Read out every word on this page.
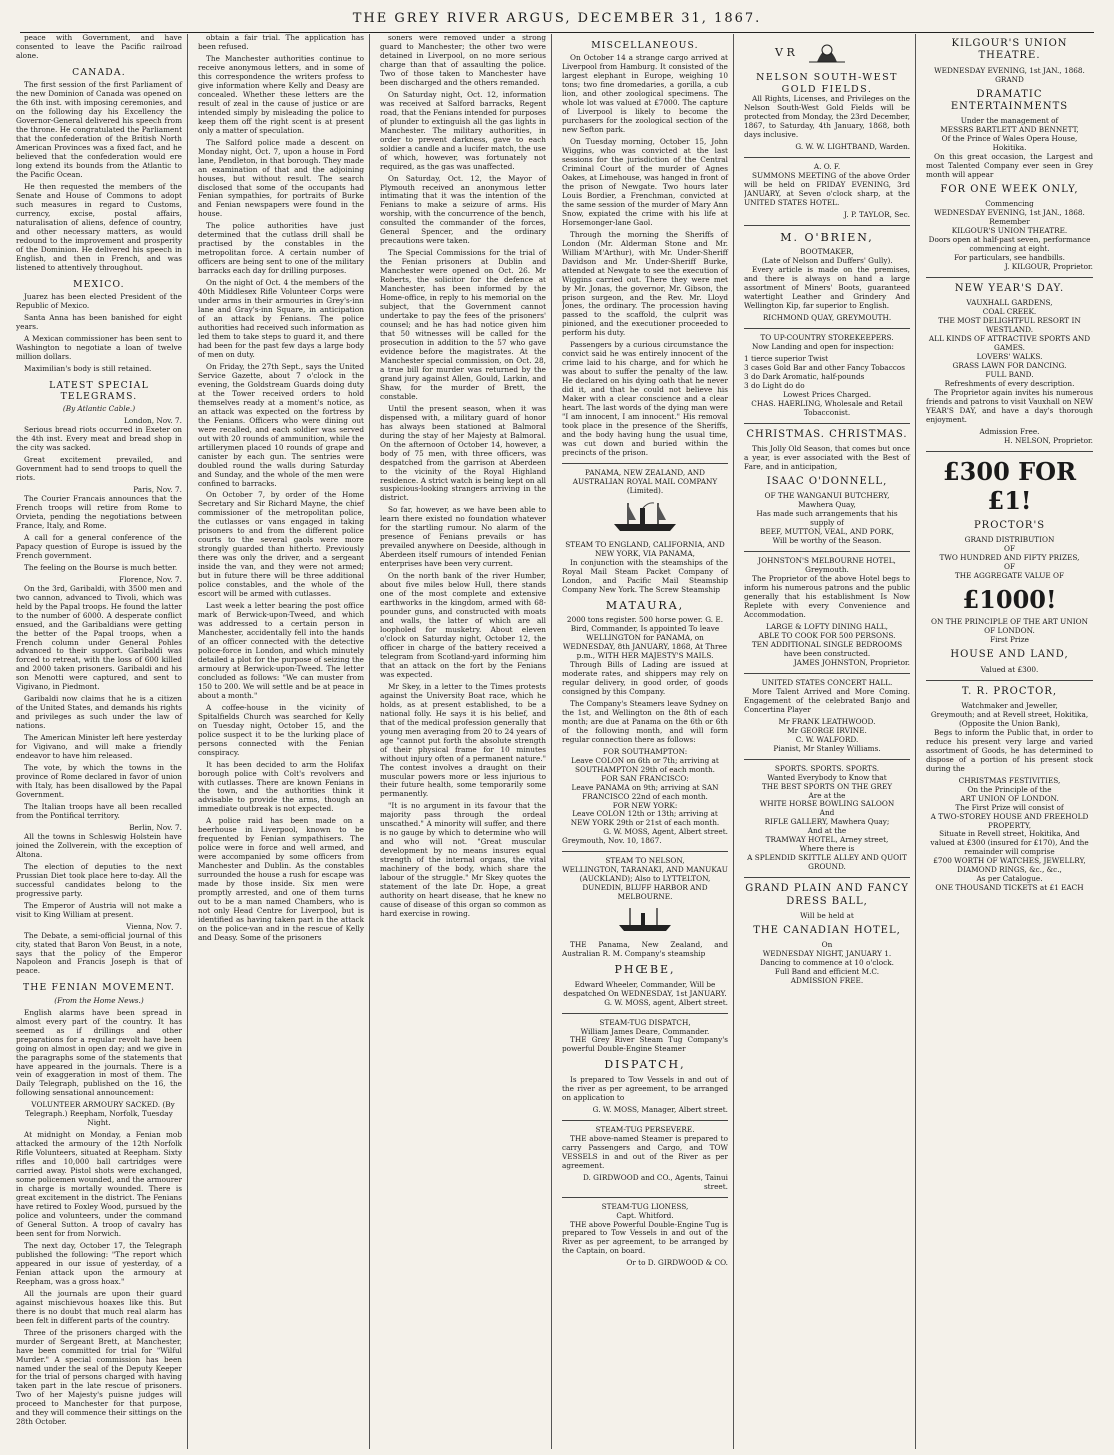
THE GREY RIVER ARGUS, DECEMBER 31, 1867.

peace with Government, and have consented to leave the Pacific railroad alone.

CANADA.

The first session of the first Parliament of the new Dominion of Canada was opened on the 6th inst. with imposing ceremonies, and on the following day his Excellency the Governor-General delivered his speech from the throne. He congratulated the Parliament that the confederation of the British North American Provinces was a fixed fact, and he believed that the confederation would ere long extend its bounds from the Atlantic to the Pacific Ocean.

He then requested the members of the Senate and House of Commons to adopt such measures in regard to Customs, currency, excise, postal affairs, naturalisation of aliens, defence of country, and other necessary matters, as would redound to the improvement and prosperity of the Dominion. He delivered his speech in English, and then in French, and was listened to attentively throughout.

MEXICO.

Juarez has been elected President of the Republic of Mexico.

Santa Anna has been banished for eight years.

A Mexican commissioner has been sent to Washington to negotiate a loan of twelve million dollars.

Maximilian's body is still retained.

LATEST SPECIAL TELEGRAMS.
(By Atlantic Cable.)
London, Nov. 7.

Serious bread riots occurred in Exeter on the 4th inst. Every meat and bread shop in the city was sacked.

Great excitement prevailed, and Government had to send troops to quell the riots.

Paris, Nov. 7.

The Courier Francais announces that the French troops will retire from Rome to Orvieta, pending the negotiations between France, Italy, and Rome.

A call for a general conference of the Papacy question of Europe is issued by the French government.

The feeling on the Bourse is much better.

Florence, Nov. 7.

On the 3rd, Garibaldi, with 3500 men and two cannon, advanced to Tivoli, which was held by the Papal troops. He found the latter to the number of 6000. A desperate conflict ensued, and the Garibaldians were getting the better of the Papal troops, when a French column under General Pohles advanced to their support. Garibaldi was forced to retreat, with the loss of 600 killed and 2000 taken prisoners. Garibaldi and his son Menotti were captured, and sent to Vigivano, in Piedmont.

Garibaldi now claims that he is a citizen of the United States, and demands his rights and privileges as such under the law of nations.

The American Minister left here yesterday for Vigivano, and will make a friendly endeavor to have him released.

The vote, by which the towns in the province of Rome declared in favor of union with Italy, has been disallowed by the Papal Government.

The Italian troops have all been recalled from the Pontifical territory.

Berlin, Nov. 7.

All the towns in Schleswig Holstein have joined the Zollverein, with the exception of Altona.

The election of deputies to the next Prussian Diet took place here to-day. All the successful candidates belong to the progressive party.

The Emperor of Austria will not make a visit to King William at present.

Vienna, Nov. 7.

The Debate, a semi-official journal of this city, stated that Baron Von Beust, in a note, says that the policy of the Emperor Napoleon and Francis Joseph is that of peace.

THE FENIAN MOVEMENT.
(From the Home News.)

English alarms have been spread in almost every part of the country. It has seemed as if drillings and other preparations for a regular revolt have been going on almost in open day; and we give in the paragraphs some of the statements that have appeared in the journals. There is a vein of exaggeration in most of them. The Daily Telegraph, published on the 16, the following sensational announcement:

VOLUNTEER ARMOURY SACKED. (By Telegraph.) Reepham, Norfolk, Tuesday Night.

At midnight on Monday, a Fenian mob attacked the armoury of the 12th Norfolk Rifle Volunteers, situated at Reepham. Sixty rifles and 10,000 ball cartridges were carried away. Pistol shots were exchanged, some policemen wounded, and the armourer in charge is mortally wounded. There is great excitement in the district. The Fenians have retired to Foxley Wood, pursued by the police and volunteers, under the command of General Sutton. A troop of cavalry has been sent for from Norwich.

The next day, October 17, the Telegraph published the following: "The report which appeared in our issue of yesterday, of a Fenian attack upon the armoury at Reepham, was a gross hoax."

All the journals are upon their guard against mischievous hoaxes like this. But there is no doubt that much real alarm has been felt in different parts of the country.

Three of the prisoners charged with the murder of Sergeant Brett, at Manchester, have been committed for trial for "Wilful Murder." A special commission has been named under the seal of the Deputy Keeper for the trial of persons charged with having taken part in the late rescue of prisoners. Two of her Majesty's puisne judges will proceed to Manchester for that purpose, and they will commence their sittings on the 28th October.

obtain a fair trial. The application has been refused.

The Manchester authorities continue to receive anonymous letters, and in some of this correspondence the writers profess to give information where Kelly and Deasy are concealed. Whether these letters are the result of zeal in the cause of justice or are intended simply by misleading the police to keep them off the right scent is at present only a matter of speculation.

The Salford police made a descent on Monday night, Oct. 7, upon a house in Ford lane, Pendleton, in that borough. They made an examination of that and the adjoining houses, but without result. The search disclosed that some of the occupants had Fenian sympathies, for portraits of Burke and Fenian newspapers were found in the house.

The police authorities have just determined that the cutlass drill shall be practised by the constables in the metropolitan force. A certain number of officers are being sent to one of the military barracks each day for drilling purposes.

On the night of Oct. 4 the members of the 40th Middlesex Rifle Volunteer Corps were under arms in their armouries in Grey's-inn lane and Gray's-inn Square, in anticipation of an attack by Fenians. The police authorities had received such information as led them to take steps to guard it, and there had been for the past few days a large body of men on duty.

On Friday, the 27th Sept., says the United Service Gazette, about 7 o'clock in the evening, the Goldstream Guards doing duty at the Tower received orders to hold themselves ready at a moment's notice, as an attack was expected on the fortress by the Fenians. Officers who were dining out were recalled, and each soldier was served out with 20 rounds of ammunition, while the artillerymen placed 10 rounds of grape and canister by each gun. The sentries were doubled round the walls during Saturday and Sunday, and the whole of the men were confined to barracks.

On October 7, by order of the Home Secretary and Sir Richard Mayne, the chief commissioner of the metropolitan police, the cutlasses or vans engaged in taking prisoners to and from the different police courts to the several gaols were more strongly guarded than hitherto. Previously there was only the driver, and a sergeant inside the van, and they were not armed; but in future there will be three additional police constables, and the whole of the escort will be armed with cutlasses.

Last week a letter bearing the post office mark of Berwick-upon-Tweed, and which was addressed to a certain person in Manchester, accidentally fell into the hands of an officer connected with the detective police-force in London, and which minutely detailed a plot for the purpose of seizing the armoury at Berwick-upon-Tweed. The letter concluded as follows: "We can muster from 150 to 200. We will settle and be at peace in about a month."

A coffee-house in the vicinity of Spitalfields Church was searched for Kelly on Tuesday night, October 15, and the police suspect it to be the lurking place of persons connected with the Fenian conspiracy.

It has been decided to arm the Holifax borough police with Colt's revolvers and with cutlasses. There are known Fenians in the town, and the authorities think it advisable to provide the arms, though an immediate outbreak is not expected.

A police raid has been made on a beerhouse in Liverpool, known to be frequented by Fenian sympathisers. The police were in force and well armed, and were accompanied by some officers from Manchester and Dublin. As the constables surrounded the house a rush for escape was made by those inside. Six men were promptly arrested, and one of them turns out to be a man named Chambers, who is not only Head Centre for Liverpool, but is identified as having taken part in the attack on the police-van and in the rescue of Kelly and Deasy. Some of the prisoners

soners were removed under a strong guard to Manchester; the other two were detained in Liverpool, on no more serious charge than that of assaulting the police. Two of those taken to Manchester have been discharged and the others remanded.

On Saturday night, Oct. 12, information was received at Salford barracks, Regent road, that the Fenians intended for purposes of plunder to extinguish all the gas lights in Manchester. The military authorities, in order to prevent darkness, gave to each soldier a candle and a lucifer match, the use of which, however, was fortunately not required, as the gas was unaffected.

On Saturday, Oct. 12, the Mayor of Plymouth received an anonymous letter intimating that it was the intention of the Fenians to make a seizure of arms. His worship, with the concurrence of the bench, consulted the commander of the forces, General Spencer, and the ordinary precautions were taken.

The Special Commissions for the trial of the Fenian prisoners at Dublin and Manchester were opened on Oct. 26. Mr Roberts, the solicitor for the defence at Manchester, has been informed by the Home-office, in reply to his memorial on the subject, that the Government cannot undertake to pay the fees of the prisoners' counsel; and he has had notice given him that 50 witnesses will be called for the prosecution in addition to the 57 who gave evidence before the magistrates. At the Manchester special commission, on Oct. 28, a true bill for murder was returned by the grand jury against Allen, Gould, Larkin, and Shaw, for the murder of Brett, the constable.

Until the present season, when it was dispensed with, a military guard of honor has always been stationed at Balmoral during the stay of her Majesty at Balmoral. On the afternoon of October 14, however, a body of 75 men, with three officers, was despatched from the garrison at Aberdeen to the vicinity of the Royal Highland residence. A strict watch is being kept on all suspicious-looking strangers arriving in the district.

So far, however, as we have been able to learn there existed no foundation whatever for the startling rumour. No alarm of the presence of Fenians prevails or has prevailed anywhere on Deeside, although in Aberdeen itself rumours of intended Fenian enterprises have been very current.

On the north bank of the river Humber, about five miles below Hull, there stands one of the most complete and extensive earthworks in the kingdom, armed with 68-pounder guns, and constructed with moats and walls, the latter of which are all loopholed for musketry. About eleven o'clock on Saturday night, October 12, the officer in charge of the battery received a telegram from Scotland-yard informing him that an attack on the fort by the Fenians was expected.

Mr Skey, in a letter to the Times protests against the University Boat race, which he holds, as at present established, to be a national folly. He says it is his belief, and that of the medical profession generally that young men averaging from 20 to 24 years of age "cannot put forth the absolute strength of their physical frame for 10 minutes without injury often of a permanent nature." The contest involves a draught on their muscular powers more or less injurious to their future health, some temporarily some permanently.

"It is no argument in its favour that the majority pass through the ordeal unscathed." A minority will suffer, and there is no gauge by which to determine who will and who will not. "Great muscular development by no means insures equal strength of the internal organs, the vital machinery of the body, which share the labour of the struggle." Mr Skey quotes the statement of the late Dr. Hope, a great authority on heart disease, that he knew no cause of disease of this organ so common as hard exercise in rowing.

MISCELLANEOUS.

On October 14 a strange cargo arrived at Liverpool from Hamburg. It consisted of the largest elephant in Europe, weighing 10 tons; two fine dromedaries, a gorilla, a cub lion, and other zoological specimens. The whole lot was valued at £7000. The capture of Liverpool is likely to become the purchasers for the zoological section of the new Sefton park.

On Tuesday morning, October 15, John Wiggins, who was convicted at the last sessions for the jurisdiction of the Central Criminal Court of the murder of Agnes Oakes, at Limehouse, was hanged in front of the prison of Newgate. Two hours later Louis Bordier, a Frenchman, convicted at the same session of the murder of Mary Ann Snow, expiated the crime with his life at Horsemonger-lane Gaol.

Through the morning the Sheriffs of London (Mr. Alderman Stone and Mr. William M'Arthur), with Mr. Under-Sheriff Davidson and Mr. Under-Sheriff Burke, attended at Newgate to see the execution of Wiggins carried out. There they were met by Mr. Jonas, the governor, Mr. Gibson, the prison surgeon, and the Rev. Mr. Lloyd Jones, the ordinary. The procession having passed to the scaffold, the culprit was pinioned, and the executioner proceeded to perform his duty.

Passengers by a curious circumstance the convict said he was entirely innocent of the crime laid to his charge, and for which he was about to suffer the penalty of the law. He declared on his dying oath that he never did it, and that he could not believe his Maker with a clear conscience and a clear heart. The last words of the dying man were "I am innocent, I am innocent." His removal took place in the presence of the Sheriffs, and the body having hung the usual time, was cut down and buried within the precincts of the prison.

PANAMA, NEW ZEALAND, AND AUSTRALIAN ROYAL MAIL COMPANY
(Limited).
STEAM TO ENGLAND, CALIFORNIA, AND NEW YORK, VIA PANAMA,

In conjunction with the steamships of the Royal Mail Steam Packet Company of London, and Pacific Mail Steamship Company New York. The Screw Steamship

MATAURA,
2000 tons register. 500 horse power. G. E. Bird, Commander, Is appointed To leave WELLINGTON for PANAMA, on WEDNESDAY, 8th JANUARY, 1868, At Three p.m., WITH HER MAJESTY'S MAILS.

Through Bills of Lading are issued at moderate rates, and shippers may rely on regular delivery, in good order, of goods consigned by this Company.

The Company's Steamers leave Sydney on the 1st, and Wellington on the 8th of each month; are due at Panama on the 6th or 6th of the following month, and will form regular connection there as follows:

FOR SOUTHAMPTON:
Leave COLON on 6th or 7th; arriving at SOUTHAMPTON 29th of each month.
FOR SAN FRANCISCO:
Leave PANAMA on 9th; arriving at SAN FRANCISCO 22nd of each month.
FOR NEW YORK:
Leave COLON 12th or 13th; arriving at NEW YORK 29th or 21st of each month.
G. W. MOSS, Agent, Albert street.
Greymouth, Nov. 10, 1867.
STEAM TO NELSON,
WELLINGTON, TARANAKI, AND MANUKAU (AUCKLAND); Also to LYTTELTON, DUNEDIN, BLUFF HARBOR AND MELBOURNE.

THE Panama, New Zealand, and Australian R. M. Company's steamship

PHŒBE,
Edward Wheeler, Commander, Will be despatched On WEDNESDAY, 1st JANUARY.
G. W. MOSS, agent, Albert street.
STEAM-TUG DISPATCH,
William James Deare, Commander.

THE Grey River Steam Tug Company's powerful Double-Engine Steamer

DISPATCH,

Is prepared to Tow Vessels in and out of the river as per agreement, to be arranged on application to

G. W. MOSS, Manager, Albert street.
STEAM-TUG PERSEVERE.

THE above-named Steamer is prepared to carry Passengers and Cargo, and TOW VESSELS in and out of the River as per agreement.

D. GIRDWOOD and CO., Agents, Tainui street.
STEAM-TUG LIONESS,
Capt. Whitford.

THE above Powerful Double-Engine Tug is prepared to Tow Vessels in and out of the River as per agreement, to be arranged by the Captain, on board.

Or to D. GIRDWOOD & CO.
V R
NELSON SOUTH-WEST GOLD FIELDS.

All Rights, Licenses, and Privileges on the Nelson South-West Gold Fields will be protected from Monday, the 23rd December, 1867, to Saturday, 4th January, 1868, both days inclusive.

G. W. W. LIGHTBAND, Warden.
A. O. F.

SUMMONS MEETING of the above Order will be held on FRIDAY EVENING, 3rd JANUARY, at Seven o'clock sharp, at the UNITED STATES HOTEL.

J. P. TAYLOR, Sec.
M. O'BRIEN,
BOOTMAKER,
(Late of Nelson and Duffers' Gully).

Every article is made on the premises, and there is always on hand a large assortment of Miners' Boots, guaranteed watertight Leather and Grindery And Wellington Kip, far superior to English.

RICHMOND QUAY, GREYMOUTH.
TO UP-COUNTRY STOREKEEPERS.

Now Landing and open for inspection:

1 tierce superior Twist
3 cases Gold Bar and other Fancy Tobaccos
3 do Dark Aromatic, half-pounds
3 do Light do do
Lowest Prices Charged.
CHAS. HAERLING, Wholesale and Retail Tobacconist.
CHRISTMAS. CHRISTMAS.

This Jolly Old Season, that comes but once a year, is ever associated with the Best of Fare, and in anticipation,

ISAAC O'DONNELL,
OF THE WANGANUI BUTCHERY,
Mawhera Quay,
Has made such arrangements that his supply of
BEEF, MUTTON, VEAL, AND PORK,
Will be worthy of the Season.
JOHNSTON'S MELBOURNE HOTEL,
Greymouth.

The Proprietor of the above Hotel begs to inform his numerous patrons and the public generally that his establishment Is Now Replete with every Convenience and Accommodation.

LARGE & LOFTY DINING HALL,
ABLE TO COOK FOR 500 PERSONS.
TEN ADDITIONAL SINGLE BEDROOMS have been constructed.
JAMES JOHNSTON, Proprietor.
UNITED STATES CONCERT HALL.

More Talent Arrived and More Coming. Engagement of the celebrated Banjo and Concertina Player

Mr FRANK LEATHWOOD.
Mr GEORGE IRVINE.
C. W. WALFORD.
Pianist, Mr Stanley Williams.
SPORTS. SPORTS. SPORTS.
Wanted Everybody to Know that
THE BEST SPORTS ON THE GREY
Are at the
WHITE HORSE BOWLING SALOON
And
RIFLE GALLERY, Mawhera Quay;
And at the
TRAMWAY HOTEL, Arney street,
Where there is
A SPLENDID SKITTLE ALLEY AND QUOIT GROUND.
GRAND PLAIN AND FANCY DRESS BALL,
Will be held at
THE CANADIAN HOTEL,
On
WEDNESDAY NIGHT, JANUARY 1.
Dancing to commence at 10 o'clock.
Full Band and efficient M.C.
ADMISSION FREE.
KILGOUR'S UNION THEATRE.
WEDNESDAY EVENING, 1st JAN., 1868.
GRAND
DRAMATIC ENTERTAINMENTS
Under the management of
MESSRS BARTLETT AND BENNETT,
Of the Prince of Wales Opera House, Hokitika.

On this great occasion, the Largest and most Talented Company ever seen in Grey month will appear

FOR ONE WEEK ONLY,
Commencing
WEDNESDAY EVENING, 1st JAN., 1868.
Remember
KILGOUR'S UNION THEATRE.
Doors open at half-past seven, performance commencing at eight.
For particulars, see handbills.
J. KILGOUR, Proprietor.
NEW YEAR'S DAY.
VAUXHALL GARDENS,
COAL CREEK.
THE MOST DELIGHTFUL RESORT IN WESTLAND.
ALL KINDS OF ATTRACTIVE SPORTS AND GAMES.
LOVERS' WALKS.
GRASS LAWN FOR DANCING.
FULL BAND.
Refreshments of every description.

The Proprietor again invites his numerous friends and patrons to visit Vauxhall on NEW YEAR'S DAY, and have a day's thorough enjoyment.

Admission Free.
H. NELSON, Proprietor.
£300 FOR £1!
PROCTOR'S
GRAND DISTRIBUTION
OF
TWO HUNDRED AND FIFTY PRIZES,
OF
THE AGGREGATE VALUE OF
£1000!
ON THE PRINCIPLE OF THE ART UNION OF LONDON.
First Prize
HOUSE AND LAND,
Valued at £300.
T. R. PROCTOR,
Watchmaker and Jeweller,
Greymouth; and at Revell street, Hokitika, (Opposite the Union Bank),

Begs to inform the Public that, in order to reduce his present very large and varied assortment of Goods, he has determined to dispose of a portion of his present stock during the

CHRISTMAS FESTIVITIES,
On the Principle of the
ART UNION OF LONDON.
The First Prize will consist of
A TWO-STOREY HOUSE AND FREEHOLD PROPERTY,
Situate in Revell street, Hokitika, And valued at £300 (insured for £170), And the remainder will comprise
£700 WORTH OF WATCHES, JEWELLRY, DIAMOND RINGS, &c., &c.,
As per Catalogue.
ONE THOUSAND TICKETS at £1 EACH
